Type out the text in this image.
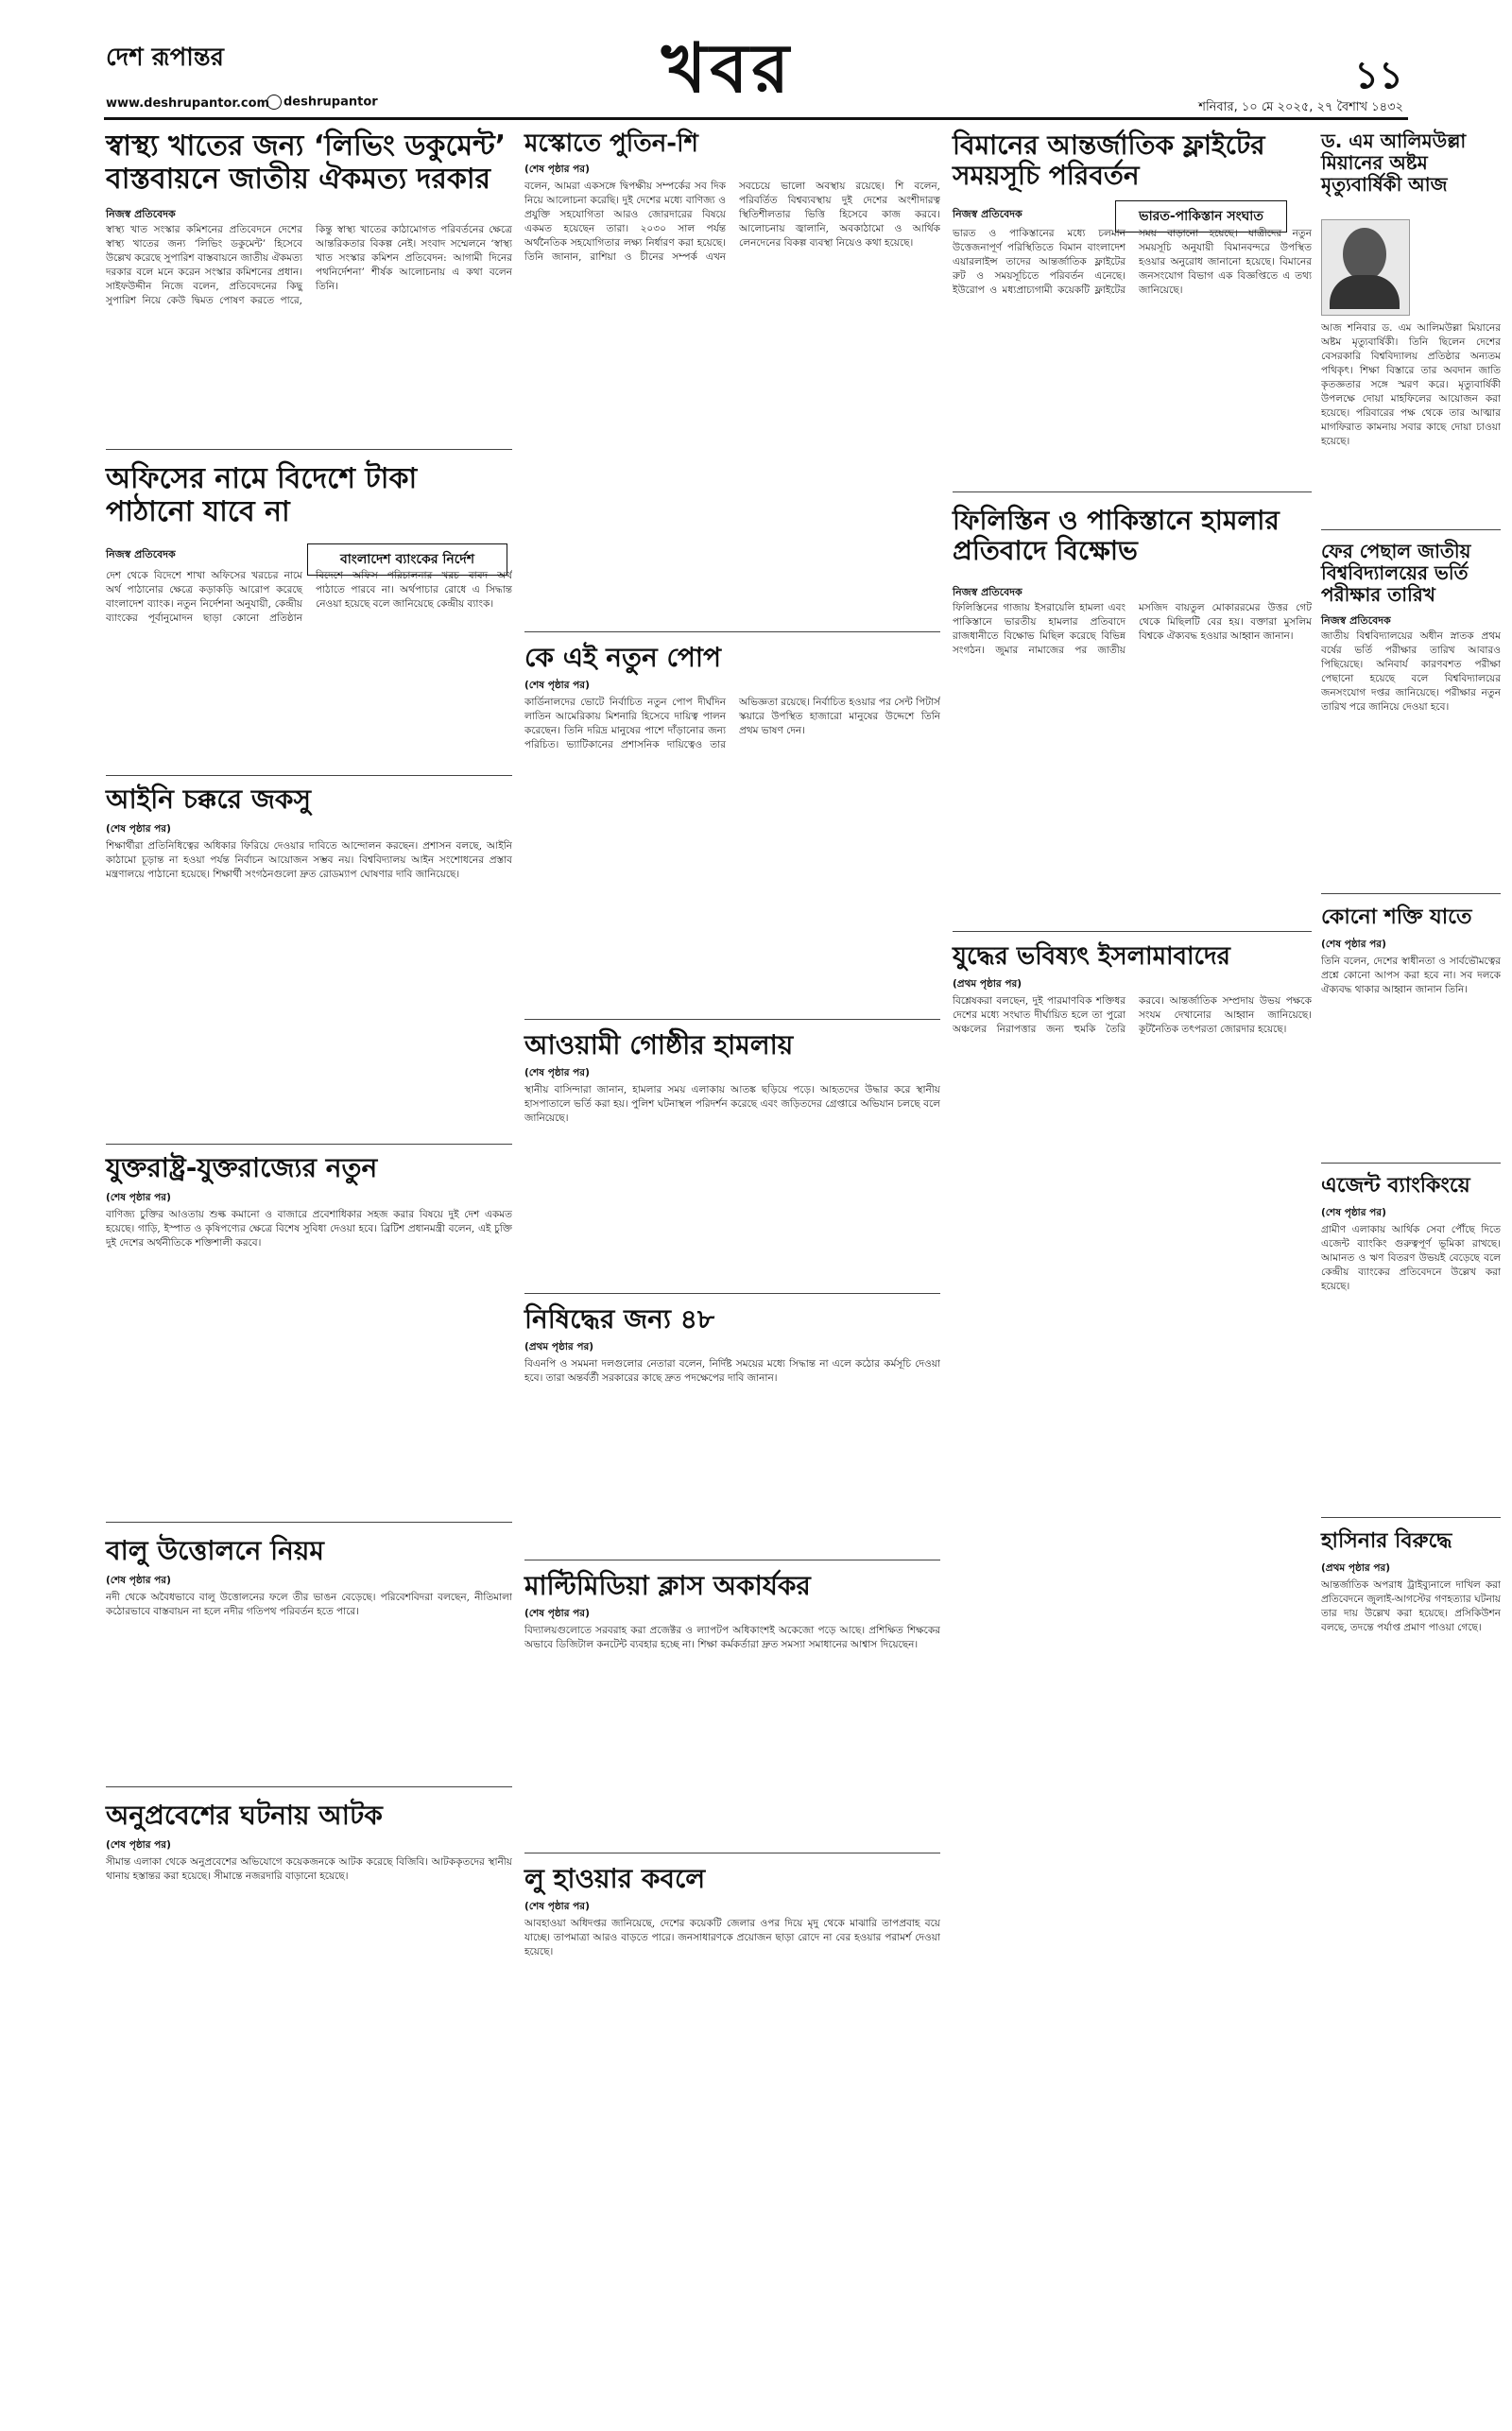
দেশ রূপান্তর	খবর	১১
www.deshrupantor.com	deshrupantor	শনিবার, ১০ মে ২০২৫, ২৭ বৈশাখ ১৪৩২
স্বাস্থ্য খাতের জন্য ‘লিভিং ডকুমেন্ট’ বাস্তবায়নে জাতীয় ঐকমত্য দরকার
নিজস্ব প্রতিবেদক
স্বাস্থ্য খাত সংস্কার কমিশনের প্রতিবেদনে দেশের স্বাস্থ্য খাতের জন্য ‘লিভিং ডকুমেন্ট’ হিসেবে উল্লেখ করেছে সুপারিশ বাস্তবায়নে জাতীয় ঐকমত্য দরকার বলে মনে করেন সংস্কার কমিশনের প্রধান। সাইফউদ্দীন নিজে বলেন, প্রতিবেদনের কিছু সুপারিশ নিয়ে কেউ দ্বিমত পোষণ করতে পারে, কিন্তু স্বাস্থ্য খাতের কাঠামোগত পরিবর্তনের ক্ষেত্রে আন্তরিকতার বিকল্প নেই। সংবাদ সম্মেলনে ‘স্বাস্থ্য খাত সংস্কার কমিশন প্রতিবেদন: আগামী দিনের পথনির্দেশনা’ শীর্ষক আলোচনায় এ কথা বলেন তিনি।
অফিসের নামে বিদেশে টাকা পাঠানো যাবে না
নিজস্ব প্রতিবেদক	বাংলাদেশ ব্যাংকের নির্দেশ
দেশ থেকে বিদেশে শাখা অফিসের খরচের নামে অর্থ পাঠানোর ক্ষেত্রে কড়াকড়ি আরোপ করেছে বাংলাদেশ ব্যাংক। নতুন নির্দেশনা অনুযায়ী, কেন্দ্রীয় ব্যাংকের পূর্বানুমোদন ছাড়া কোনো প্রতিষ্ঠান বিদেশে অফিস পরিচালনার খরচ বাবদ অর্থ পাঠাতে পারবে না। অর্থপাচার রোধে এ সিদ্ধান্ত নেওয়া হয়েছে বলে জানিয়েছে কেন্দ্রীয় ব্যাংক।
আইনি চক্করে জকসু
(শেষ পৃষ্ঠার পর)
শিক্ষার্থীরা প্রতিনিধিত্বের অধিকার ফিরিয়ে দেওয়ার দাবিতে আন্দোলন করছেন। প্রশাসন বলছে, আইনি কাঠামো চূড়ান্ত না হওয়া পর্যন্ত নির্বাচন আয়োজন সম্ভব নয়। বিশ্ববিদ্যালয় আইন সংশোধনের প্রস্তাব মন্ত্রণালয়ে পাঠানো হয়েছে। শিক্ষার্থী সংগঠনগুলো দ্রুত রোডম্যাপ ঘোষণার দাবি জানিয়েছে।
যুক্তরাষ্ট্র-যুক্তরাজ্যের নতুন
(শেষ পৃষ্ঠার পর)
বাণিজ্য চুক্তির আওতায় শুল্ক কমানো ও বাজারে প্রবেশাধিকার সহজ করার বিষয়ে দুই দেশ একমত হয়েছে। গাড়ি, ইস্পাত ও কৃষিপণ্যের ক্ষেত্রে বিশেষ সুবিধা দেওয়া হবে। ব্রিটিশ প্রধানমন্ত্রী বলেন, এই চুক্তি দুই দেশের অর্থনীতিকে শক্তিশালী করবে।
বালু উত্তোলনে নিয়ম
(শেষ পৃষ্ঠার পর)
নদী থেকে অবৈধভাবে বালু উত্তোলনের ফলে তীর ভাঙন বেড়েছে। পরিবেশবিদরা বলছেন, নীতিমালা কঠোরভাবে বাস্তবায়ন না হলে নদীর গতিপথ পরিবর্তন হতে পারে।
অনুপ্রবেশের ঘটনায় আটক
(শেষ পৃষ্ঠার পর)
সীমান্ত এলাকা থেকে অনুপ্রবেশের অভিযোগে কয়েকজনকে আটক করেছে বিজিবি। আটককৃতদের স্থানীয় থানায় হস্তান্তর করা হয়েছে। সীমান্তে নজরদারি বাড়ানো হয়েছে।
মস্কোতে পুতিন-শি
(শেষ পৃষ্ঠার পর)
বলেন, আমরা একসঙ্গে দ্বিপক্ষীয় সম্পর্কের সব দিক নিয়ে আলোচনা করেছি। দুই দেশের মধ্যে বাণিজ্য ও প্রযুক্তি সহযোগিতা আরও জোরদারের বিষয়ে একমত হয়েছেন তারা। ২০৩০ সাল পর্যন্ত অর্থনৈতিক সহযোগিতার লক্ষ্য নির্ধারণ করা হয়েছে। তিনি জানান, রাশিয়া ও চীনের সম্পর্ক এখন সবচেয়ে ভালো অবস্থায় রয়েছে। শি বলেন, পরিবর্তিত বিশ্বব্যবস্থায় দুই দেশের অংশীদারত্ব স্থিতিশীলতার ভিত্তি হিসেবে কাজ করবে। আলোচনায় জ্বালানি, অবকাঠামো ও আর্থিক লেনদেনের বিকল্প ব্যবস্থা নিয়েও কথা হয়েছে।
কে এই নতুন পোপ
(শেষ পৃষ্ঠার পর)
কার্ডিনালদের ভোটে নির্বাচিত নতুন পোপ দীর্ঘদিন লাতিন আমেরিকায় মিশনারি হিসেবে দায়িত্ব পালন করেছেন। তিনি দরিদ্র মানুষের পাশে দাঁড়ানোর জন্য পরিচিত। ভ্যাটিকানের প্রশাসনিক দায়িত্বেও তার অভিজ্ঞতা রয়েছে। নির্বাচিত হওয়ার পর সেন্ট পিটার্স স্কয়ারে উপস্থিত হাজারো মানুষের উদ্দেশে তিনি প্রথম ভাষণ দেন।
আওয়ামী গোষ্ঠীর হামলায়
(শেষ পৃষ্ঠার পর)
স্থানীয় বাসিন্দারা জানান, হামলার সময় এলাকায় আতঙ্ক ছড়িয়ে পড়ে। আহতদের উদ্ধার করে স্থানীয় হাসপাতালে ভর্তি করা হয়। পুলিশ ঘটনাস্থল পরিদর্শন করেছে এবং জড়িতদের গ্রেপ্তারে অভিযান চলছে বলে জানিয়েছে।
নিষিদ্ধের জন্য ৪৮
(প্রথম পৃষ্ঠার পর)
বিএনপি ও সমমনা দলগুলোর নেতারা বলেন, নির্দিষ্ট সময়ের মধ্যে সিদ্ধান্ত না এলে কঠোর কর্মসূচি দেওয়া হবে। তারা অন্তর্বর্তী সরকারের কাছে দ্রুত পদক্ষেপের দাবি জানান।
মাল্টিমিডিয়া ক্লাস অকার্যকর
(শেষ পৃষ্ঠার পর)
বিদ্যালয়গুলোতে সরবরাহ করা প্রজেক্টর ও ল্যাপটপ অধিকাংশই অকেজো পড়ে আছে। প্রশিক্ষিত শিক্ষকের অভাবে ডিজিটাল কনটেন্ট ব্যবহার হচ্ছে না। শিক্ষা কর্মকর্তারা দ্রুত সমস্যা সমাধানের আশ্বাস দিয়েছেন।
লু হাওয়ার কবলে
(শেষ পৃষ্ঠার পর)
আবহাওয়া অধিদপ্তর জানিয়েছে, দেশের কয়েকটি জেলার ওপর দিয়ে মৃদু থেকে মাঝারি তাপপ্রবাহ বয়ে যাচ্ছে। তাপমাত্রা আরও বাড়তে পারে। জনসাধারণকে প্রয়োজন ছাড়া রোদে না বের হওয়ার পরামর্শ দেওয়া হয়েছে।
বিমানের আন্তর্জাতিক ফ্লাইটের সময়সূচি পরিবর্তন
নিজস্ব প্রতিবেদক	ভারত-পাকিস্তান সংঘাত
ভারত ও পাকিস্তানের মধ্যে চলমান উত্তেজনাপূর্ণ পরিস্থিতিতে বিমান বাংলাদেশ এয়ারলাইন্স তাদের আন্তর্জাতিক ফ্লাইটের রুট ও সময়সূচিতে পরিবর্তন এনেছে। ইউরোপ ও মধ্যপ্রাচ্যগামী কয়েকটি ফ্লাইটের সময় বাড়ানো হয়েছে। যাত্রীদের নতুন সময়সূচি অনুযায়ী বিমানবন্দরে উপস্থিত হওয়ার অনুরোধ জানানো হয়েছে। বিমানের জনসংযোগ বিভাগ এক বিজ্ঞপ্তিতে এ তথ্য জানিয়েছে।
ফিলিস্তিন ও পাকিস্তানে হামলার প্রতিবাদে বিক্ষোভ
নিজস্ব প্রতিবেদক
ফিলিস্তিনের গাজায় ইসরায়েলি হামলা এবং পাকিস্তানে ভারতীয় হামলার প্রতিবাদে রাজধানীতে বিক্ষোভ মিছিল করেছে বিভিন্ন সংগঠন। জুমার নামাজের পর জাতীয় মসজিদ বায়তুল মোকাররমের উত্তর গেট থেকে মিছিলটি বের হয়। বক্তারা মুসলিম বিশ্বকে ঐক্যবদ্ধ হওয়ার আহ্বান জানান।
যুদ্ধের ভবিষ্যৎ ইসলামাবাদের
(প্রথম পৃষ্ঠার পর)
বিশ্লেষকরা বলছেন, দুই পারমাণবিক শক্তিধর দেশের মধ্যে সংঘাত দীর্ঘায়িত হলে তা পুরো অঞ্চলের নিরাপত্তার জন্য হুমকি তৈরি করবে। আন্তর্জাতিক সম্প্রদায় উভয় পক্ষকে সংযম দেখানোর আহ্বান জানিয়েছে। কূটনৈতিক তৎপরতা জোরদার হয়েছে।
ড. এম আলিমউল্লা মিয়ানের অষ্টম মৃত্যুবার্ষিকী আজ
আজ শনিবার ড. এম আলিমউল্লা মিয়ানের অষ্টম মৃত্যুবার্ষিকী। তিনি ছিলেন দেশের বেসরকারি বিশ্ববিদ্যালয় প্রতিষ্ঠার অন্যতম পথিকৃৎ। শিক্ষা বিস্তারে তার অবদান জাতি কৃতজ্ঞতার সঙ্গে স্মরণ করে। মৃত্যুবার্ষিকী উপলক্ষে দোয়া মাহফিলের আয়োজন করা হয়েছে। পরিবারের পক্ষ থেকে তার আত্মার মাগফিরাত কামনায় সবার কাছে দোয়া চাওয়া হয়েছে।
ফের পেছাল জাতীয় বিশ্ববিদ্যালয়ের ভর্তি পরীক্ষার তারিখ
নিজস্ব প্রতিবেদক
জাতীয় বিশ্ববিদ্যালয়ের অধীন স্নাতক প্রথম বর্ষের ভর্তি পরীক্ষার তারিখ আবারও পিছিয়েছে। অনিবার্য কারণবশত পরীক্ষা পেছানো হয়েছে বলে বিশ্ববিদ্যালয়ের জনসংযোগ দপ্তর জানিয়েছে। পরীক্ষার নতুন তারিখ পরে জানিয়ে দেওয়া হবে।
কোনো শক্তি যাতে
(শেষ পৃষ্ঠার পর)
তিনি বলেন, দেশের স্বাধীনতা ও সার্বভৌমত্বের প্রশ্নে কোনো আপস করা হবে না। সব দলকে ঐক্যবদ্ধ থাকার আহ্বান জানান তিনি।
এজেন্ট ব্যাংকিংয়ে
(শেষ পৃষ্ঠার পর)
গ্রামীণ এলাকায় আর্থিক সেবা পৌঁছে দিতে এজেন্ট ব্যাংকিং গুরুত্বপূর্ণ ভূমিকা রাখছে। আমানত ও ঋণ বিতরণ উভয়ই বেড়েছে বলে কেন্দ্রীয় ব্যাংকের প্রতিবেদনে উল্লেখ করা হয়েছে।
হাসিনার বিরুদ্ধে
(প্রথম পৃষ্ঠার পর)
আন্তর্জাতিক অপরাধ ট্রাইব্যুনালে দাখিল করা প্রতিবেদনে জুলাই-আগস্টের গণহত্যার ঘটনায় তার দায় উল্লেখ করা হয়েছে। প্রসিকিউশন বলছে, তদন্তে পর্যাপ্ত প্রমাণ পাওয়া গেছে।
